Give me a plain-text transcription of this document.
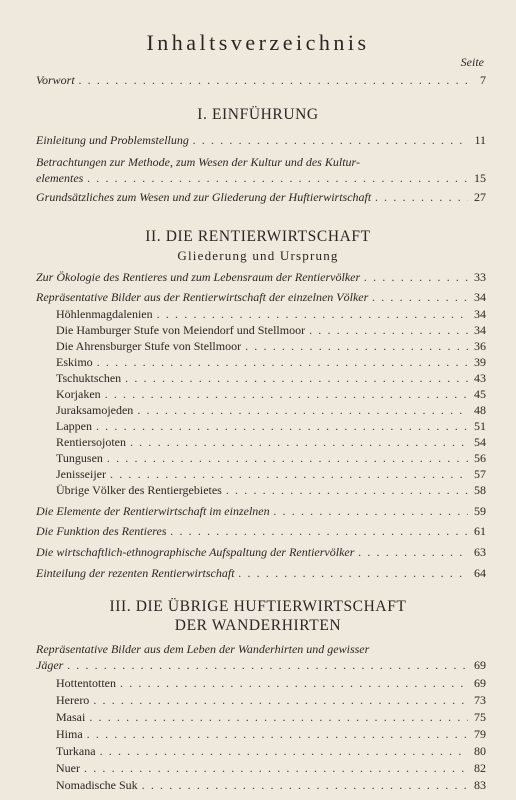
Inhaltsverzeichnis
Seite
Vorwort . . .	7
I. EINFÜHRUNG
Einleitung und Problemstellung . . .	11
Betrachtungen zur Methode, zum Wesen der Kultur und des Kultur-
elementes . . .	15
Grundsätzliches zum Wesen und zur Gliederung der Huftierwirtschaft . . .	27
II. DIE RENTIERWIRTSCHAFT
Gliederung und Ursprung
Zur Ökologie des Rentieres und zum Lebensraum der Rentiervölker . . .	33
Repräsentative Bilder aus der Rentierwirtschaft der einzelnen Völker . . .	34
Höhlenmagdalenien . . .	34
Die Hamburger Stufe von Meiendorf und Stellmoor . . .	34
Die Ahrensburger Stufe von Stellmoor . . .	36
Eskimo . . .	39
Tschuktschen . . .	43
Korjaken . . .	45
Juraksamojeden . . .	48
Lappen . . .	51
Rentiersojoten . . .	54
Tungusen . . .	56
Jenisseijer . . .	57
Übrige Völker des Rentiergebietes . . .	58
Die Elemente der Rentierwirtschaft im einzelnen . . .	59
Die Funktion des Rentieres . . .	61
Die wirtschaftlich-ethnographische Aufspaltung der Rentiervölker . . .	63
Einteilung der rezenten Rentierwirtschaft . . .	64
III. DIE ÜBRIGE HUFTIERWIRTSCHAFT
DER WANDERHIRTEN
Repräsentative Bilder aus dem Leben der Wanderhirten und gewisser
Jäger . . .	69
Hottentotten . . .	69
Herero . . .	73
Masai . . .	75
Hima . . .	79
Turkana . . .	80
Nuer . . .	82
Nomadische Suk . . .	83
